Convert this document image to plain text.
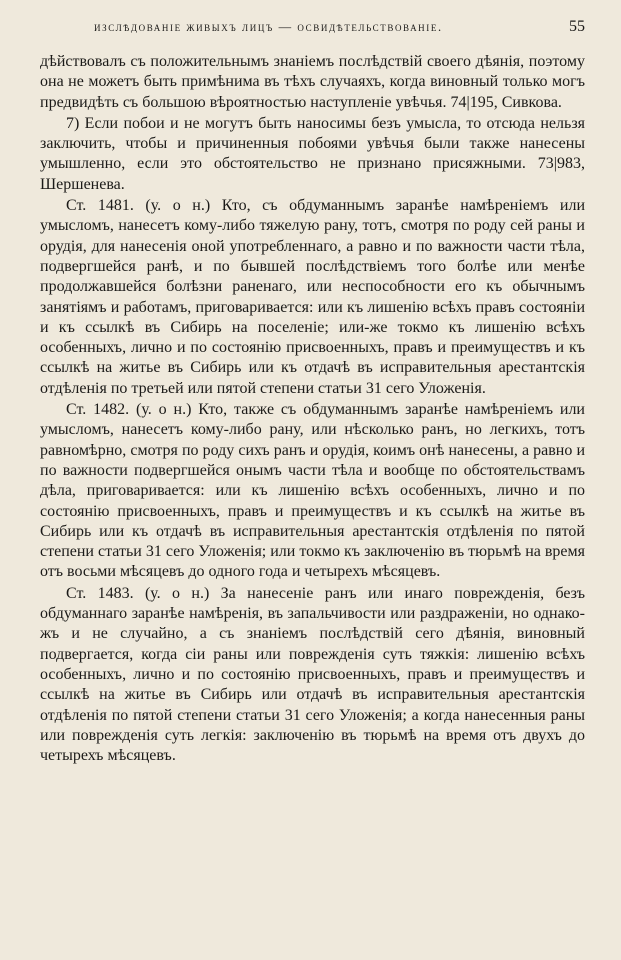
изслѣдованіе живыхъ лицъ — освидѣтельствованіе.	55

дѣйствовалъ съ положительнымъ знаніемъ послѣдствій своего дѣянія, поэтому она не можетъ быть примѣнима въ тѣхъ случаяхъ, когда виновный только могъ предвидѣть съ большою вѣроятностью наступленіе увѣчья. 74|195, Сивкова.

7) Если побои и не могутъ быть наносимы безъ умысла, то отсюда нельзя заключить, чтобы и причиненныя побоями увѣчья были также нанесены умышленно, если это обстоятельство не признано присяжными. 73|983, Шершенева.

Ст. 1481. (у. о н.) Кто, съ обдуманнымъ заранѣе намѣреніемъ или умысломъ, нанесетъ кому-либо тяжелую рану, тотъ, смотря по роду сей раны и орудія, для нанесенія оной употребленнаго, а равно и по важности части тѣла, подвергшейся ранѣ, и по бывшей послѣдствіемъ того болѣе или менѣе продолжавшейся болѣзни раненаго, или неспособности его къ обычнымъ занятіямъ и работамъ, приговаривается: или къ лишенію всѣхъ правъ состояніи и къ ссылкѣ въ Сибирь на поселеніе; или-же токмо къ лишенію всѣхъ особенныхъ, лично и по состоянію присвоенныхъ, правъ и преимуществъ и къ ссылкѣ на житье въ Сибирь или къ отдачѣ въ исправительныя арестантскія отдѣленія по третьей или пятой степени статьи 31 сего Уложенія.

Ст. 1482. (у. о н.) Кто, также съ обдуманнымъ заранѣе намѣреніемъ или умысломъ, нанесетъ кому-либо рану, или нѣсколько ранъ, но легкихъ, тотъ равномѣрно, смотря по роду сихъ ранъ и орудія, коимъ онѣ нанесены, а равно и по важности подвергшейся онымъ части тѣла и вообще по обстоятельствамъ дѣла, приговаривается: или къ лишенію всѣхъ особенныхъ, лично и по состоянію присвоенныхъ, правъ и преимуществъ и къ ссылкѣ на житье въ Сибирь или къ отдачѣ въ исправительныя арестантскія отдѣленія по пятой степени статьи 31 сего Уложенія; или токмо къ заключенію въ тюрьмѣ на время отъ восьми мѣсяцевъ до одного года и четырехъ мѣсяцевъ.

Ст. 1483. (у. о н.) За нанесеніе ранъ или инаго поврежденія, безъ обдуманнаго заранѣе намѣренія, въ запальчивости или раздраженіи, но однако-жъ и не случайно, а съ знаніемъ послѣдствій сего дѣянія, виновный подвергается, когда сіи раны или поврежденія суть тяжкія: лишенію всѣхъ особенныхъ, лично и по состоянію присвоенныхъ, правъ и преимуществъ и ссылкѣ на житье въ Сибирь или отдачѣ въ исправительныя арестантскія отдѣленія по пятой степени статьи 31 сего Уложенія; а когда нанесенныя раны или поврежденія суть легкія: заключенію въ тюрьмѣ на время отъ двухъ до четырехъ мѣсяцевъ.
